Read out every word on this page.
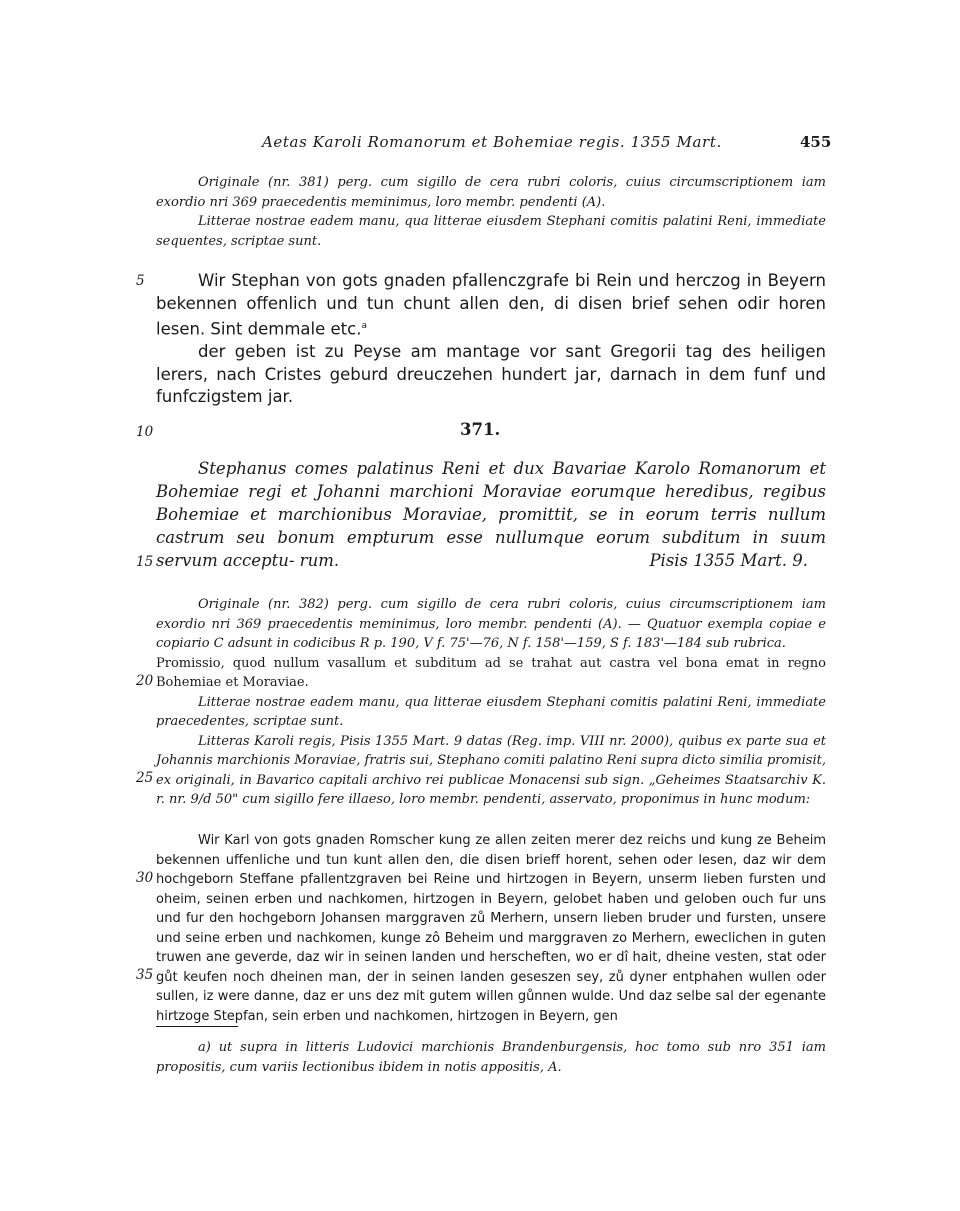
Aetas Karoli Romanorum et Bohemiae regis. 1355 Mart.	455

Originale (nr. 381) perg. cum sigillo de cera rubri coloris, cuius circumscriptionem iam exordio nri 369 praecedentis meminimus, loro membr. pendenti (A).

Litterae nostrae eadem manu, qua litterae eiusdem Stephani comitis palatini Reni, immediate sequentes, scriptae sunt.

5	Wir Stephan von gots gnaden pfallenczgrafe bi Rein und herczog in Beyern bekennen offenlich und tun chunt allen den, di disen brief sehen odir horen lesen. Sint demmale etc.$^a$

der geben ist zu Peyse am mantage vor sant Gregorii tag des heiligen lerers, nach Cristes geburd dreuczehen hundert jar, darnach in dem funf und funfczigstem jar.

10	371.

Stephanus comes palatinus Reni et dux Bavariae Karolo Romanorum et Bohemiae regi et Johanni marchioni Moraviae eorumque heredibus, regibus Bohemiae et marchionibus Moraviae, promittit, se in eorum terris nullum castrum seu bonum empturum esse nullumque eorum subditum in suum servum acceptu- rum.	Pisis 1355 Mart. 9.

15

Originale (nr. 382) perg. cum sigillo de cera rubri coloris, cuius circumscriptionem iam exordio nri 369 praecedentis meminimus, loro membr. pendenti (A). — Quatuor exempla copiae e copiario C adsunt in codicibus R p. 190, V f. 75'—76, N f. 158'—159, S f. 183'—184 sub rubrica.

Promissio, quod nullum vasallum et subditum ad se trahat aut castra vel bona emat in regno Bohemiae et Moraviae.

Litterae nostrae eadem manu, qua litterae eiusdem Stephani comitis palatini Reni, immediate praecedentes, scriptae sunt.

Litteras Karoli regis, Pisis 1355 Mart. 9 datas (Reg. imp. VIII nr. 2000), quibus ex parte sua et Johannis marchionis Moraviae, fratris sui, Stephano comiti palatino Reni supra dicto similia promisit, ex originali, in Bavarico capitali archivo rei publicae Monacensi sub sign. „Geheimes Staatsarchiv K. r. nr. 9/d 50" cum sigillo fere illaeso, loro membr. pendenti, asservato, proponimus in hunc modum:

20
25

Wir Karl von gots gnaden Romscher kung ze allen zeiten merer dez reichs und kung ze Beheim bekennen uffenliche und tun kunt allen den, die disen brieff horent, sehen oder lesen, daz wir dem hochgeborn Steffane pfallentzgraven bei Reine und hirtzogen in Beyern, unserm lieben fursten und oheim, seinen erben und nachkomen, hirtzogen in Beyern, gelobet haben und geloben ouch fur uns und fur den hochgeborn Johansen marggraven zů Merhern, unsern lieben bruder und fursten, unsere und seine erben und nachkomen, kunge zô Beheim und marggraven zo Merhern, eweclichen in guten truwen ane geverde, daz wir in seinen landen und herscheften, wo er dî hait, dheine vesten, stat oder gůt keufen noch dheinen man, der in seinen landen geseszen sey, zů dyner entphahen wullen oder sullen, iz were danne, daz er uns dez mit gutem willen gůnnen wulde. Und daz selbe sal der egenante hirtzoge Stepfan, sein erben und nachkomen, hirtzogen in Beyern, gen

30
35

a) ut supra in litteris Ludovici marchionis Brandenburgensis, hoc tomo sub nro 351 iam propositis, cum variis lectionibus ibidem in notis appositis, A.
